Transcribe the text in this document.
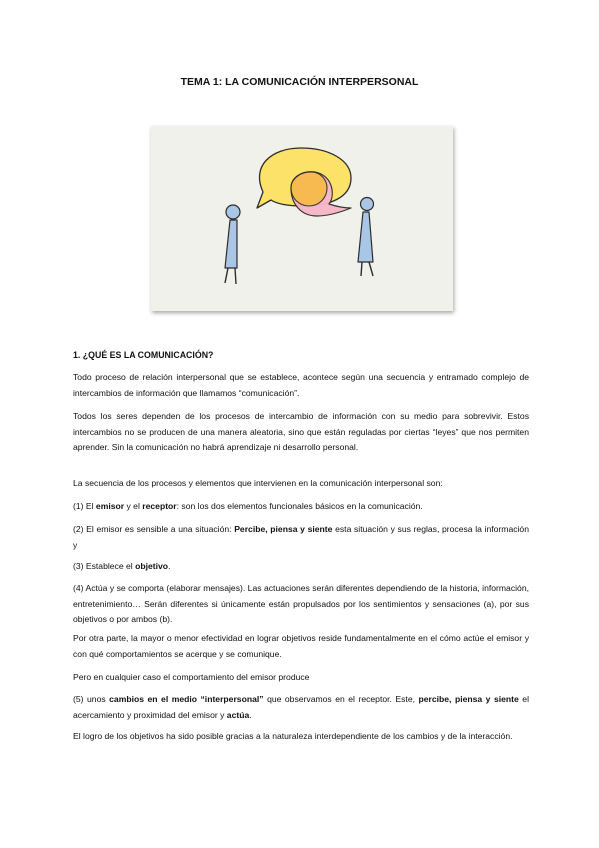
TEMA 1: LA COMUNICACIÓN INTERPERSONAL

1. ¿QUÉ ES LA COMUNICACIÓN?

Todo proceso de relación interpersonal que se establece, acontece según una secuencia y entramado complejo de intercambios de información que llamamos “comunicación”.

Todos los seres dependen de los procesos de intercambio de información con su medio para sobrevivir. Estos intercambios no se producen de una manera aleatoria, sino que están reguladas por ciertas “leyes” que nos permiten aprender. Sin la comunicación no habrá aprendizaje ni desarrollo personal.

La secuencia de los procesos y elementos que intervienen en la comunicación interpersonal son:

(1) El emisor y el receptor: son los dos elementos funcionales básicos en la comunicación.

(2) El emisor es sensible a una situación: Percibe, piensa y siente esta situación y sus reglas, procesa la información y

(3) Establece el objetivo.

(4) Actúa y se comporta (elaborar mensajes). Las actuaciones serán diferentes dependiendo de la historia, información, entretenimiento… Serán diferentes si únicamente están propulsados por los sentimientos y sensaciones (a), por sus objetivos o por ambos (b).

Por otra parte, la mayor o menor efectividad en lograr objetivos reside fundamentalmente en el cómo actúe el emisor y con qué comportamientos se acerque y se comunique.

Pero en cualquier caso el comportamiento del emisor produce

(5) unos cambios en el medio “interpersonal” que observamos en el receptor. Este, percibe, piensa y siente el acercamiento y proximidad del emisor y actúa.

El logro de los objetivos ha sido posible gracias a la naturaleza interdependiente de los cambios y de la interacción.
